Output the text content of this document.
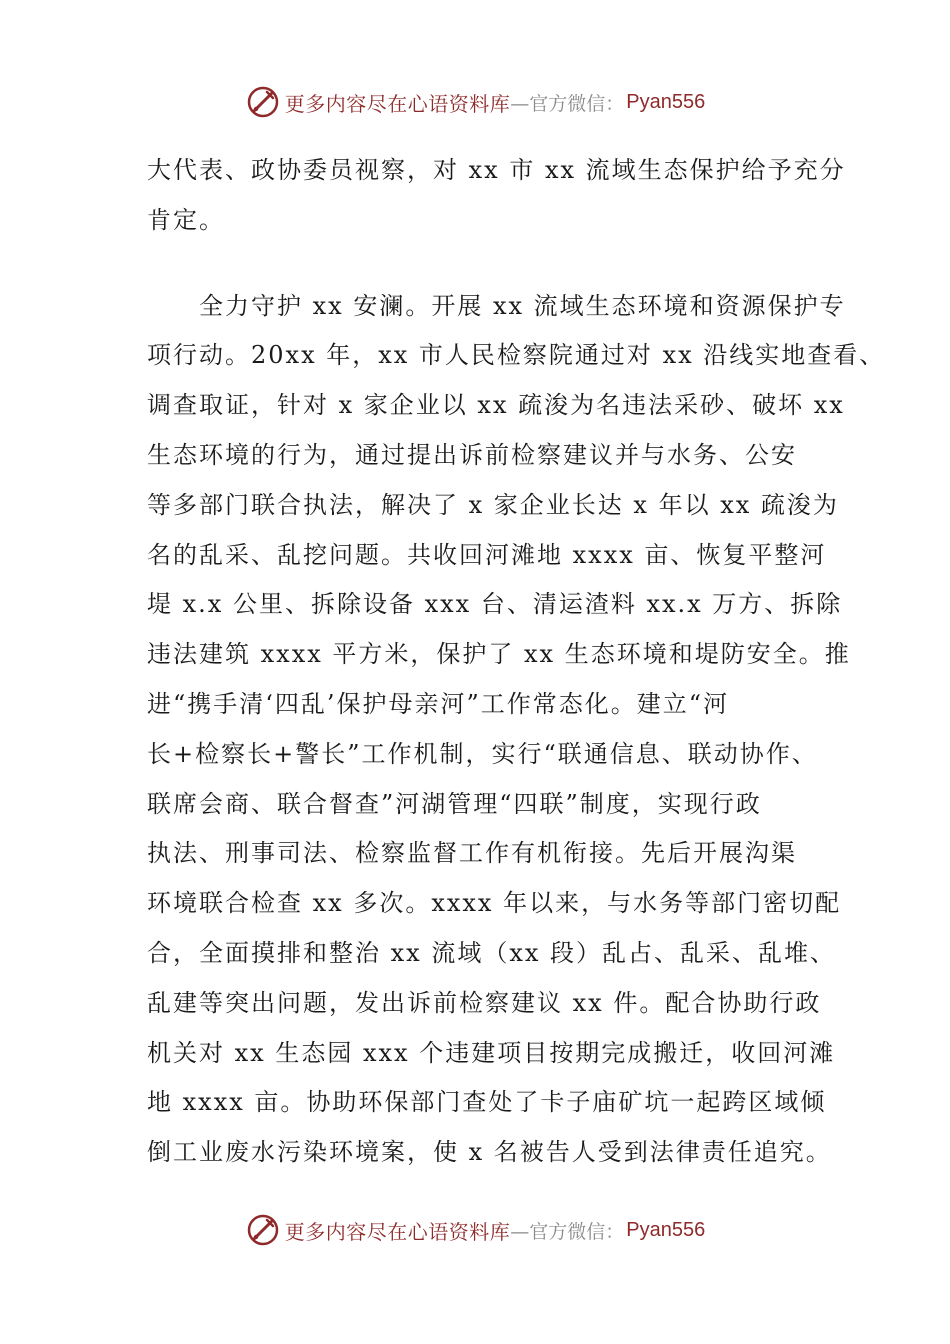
更多内容尽在心语资料库 —官方微信： Pyan556
大代表、政协委员视察，对 xx 市 xx 流域生态保护给予充分
肯定。
　　全力守护 xx 安澜。开展 xx 流域生态环境和资源保护专
项行动。20xx 年，xx 市人民检察院通过对 xx 沿线实地查看、
调查取证，针对 x 家企业以 xx 疏浚为名违法采砂、破坏 xx
生态环境的行为，通过提出诉前检察建议并与水务、公安
等多部门联合执法，解决了 x 家企业长达 x 年以 xx 疏浚为
名的乱采、乱挖问题。共收回河滩地 xxxx 亩、恢复平整河
堤 x.x 公里、拆除设备 xxx 台、清运渣料 xx.x 万方、拆除
违法建筑 xxxx 平方米，保护了 xx 生态环境和堤防安全。推
进“携手清‘四乱’保护母亲河”工作常态化。建立“河
长+检察长+警长”工作机制，实行“联通信息、联动协作、
联席会商、联合督查”河湖管理“四联”制度，实现行政
执法、刑事司法、检察监督工作有机衔接。先后开展沟渠
环境联合检查 xx 多次。xxxx 年以来，与水务等部门密切配
合，全面摸排和整治 xx 流域（xx 段）乱占、乱采、乱堆、
乱建等突出问题，发出诉前检察建议 xx 件。配合协助行政
机关对 xx 生态园 xxx 个违建项目按期完成搬迁，收回河滩
地 xxxx 亩。协助环保部门查处了卡子庙矿坑一起跨区域倾
倒工业废水污染环境案，使 x 名被告人受到法律责任追究。
更多内容尽在心语资料库 —官方微信： Pyan556
